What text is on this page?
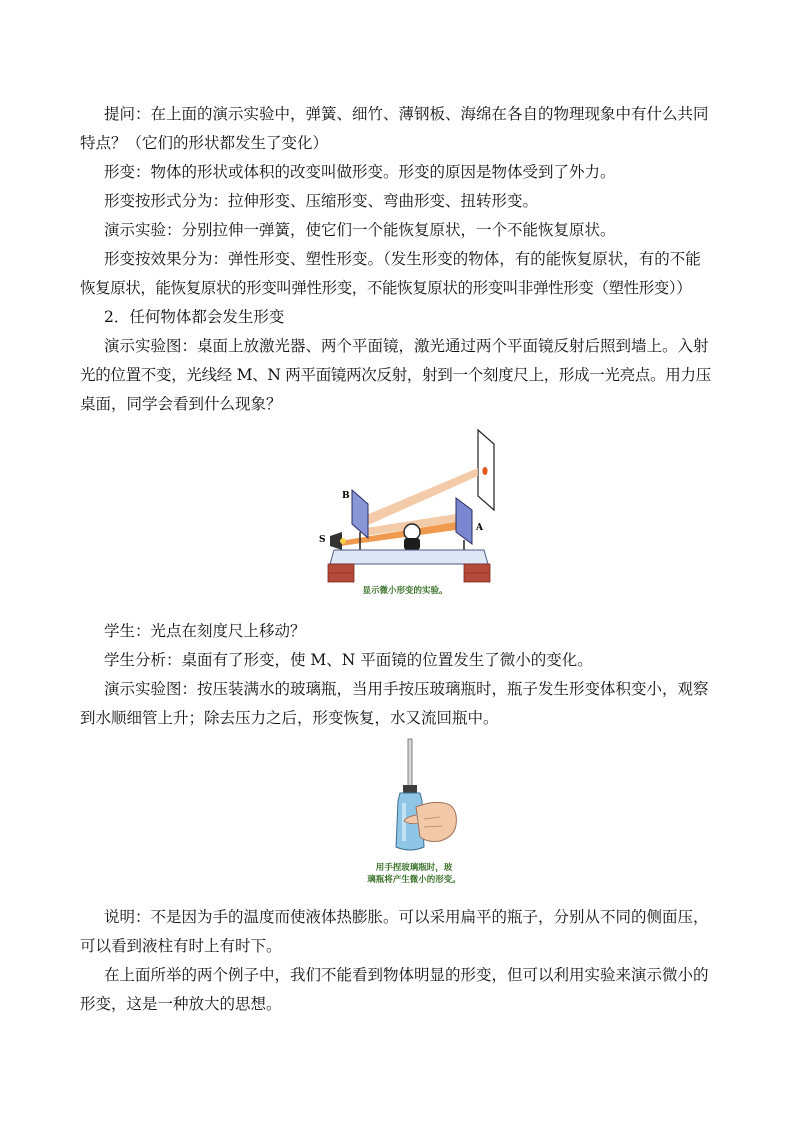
提问：在上面的演示实验中，弹簧、细竹、薄钢板、海绵在各自的物理现象中有什么共同
特点？（它们的形状都发生了变化）

形变：物体的形状或体积的改变叫做形变。形变的原因是物体受到了外力。

形变按形式分为：拉伸形变、压缩形变、弯曲形变、扭转形变。

演示实验：分别拉伸一弹簧，使它们一个能恢复原状，一个不能恢复原状。

形变按效果分为：弹性形变、塑性形变。（发生形变的物体，有的能恢复原状，有的不能
恢复原状，能恢复原状的形变叫弹性形变，不能恢复原状的形变叫非弹性形变（塑性形变））

2．任何物体都会发生形变

演示实验图：桌面上放激光器、两个平面镜，激光通过两个平面镜反射后照到墙上。入射
光的位置不变，光线经 M、N 两平面镜两次反射，射到一个刻度尺上，形成一光亮点。用力压
桌面，同学会看到什么现象？

B
A
S
显示微小形变的实验。

学生：光点在刻度尺上移动？

学生分析：桌面有了形变，使 M、N 平面镜的位置发生了微小的变化。

演示实验图：按压装满水的玻璃瓶，当用手按压玻璃瓶时，瓶子发生形变体积变小，观察
到水顺细管上升；除去压力之后，形变恢复，水又流回瓶中。

用手捏玻璃瓶时，玻
璃瓶将产生微小的形变。

说明：不是因为手的温度而使液体热膨胀。可以采用扁平的瓶子，分别从不同的侧面压，
可以看到液柱有时上有时下。

在上面所举的两个例子中，我们不能看到物体明显的形变，但可以利用实验来演示微小的
形变，这是一种放大的思想。
